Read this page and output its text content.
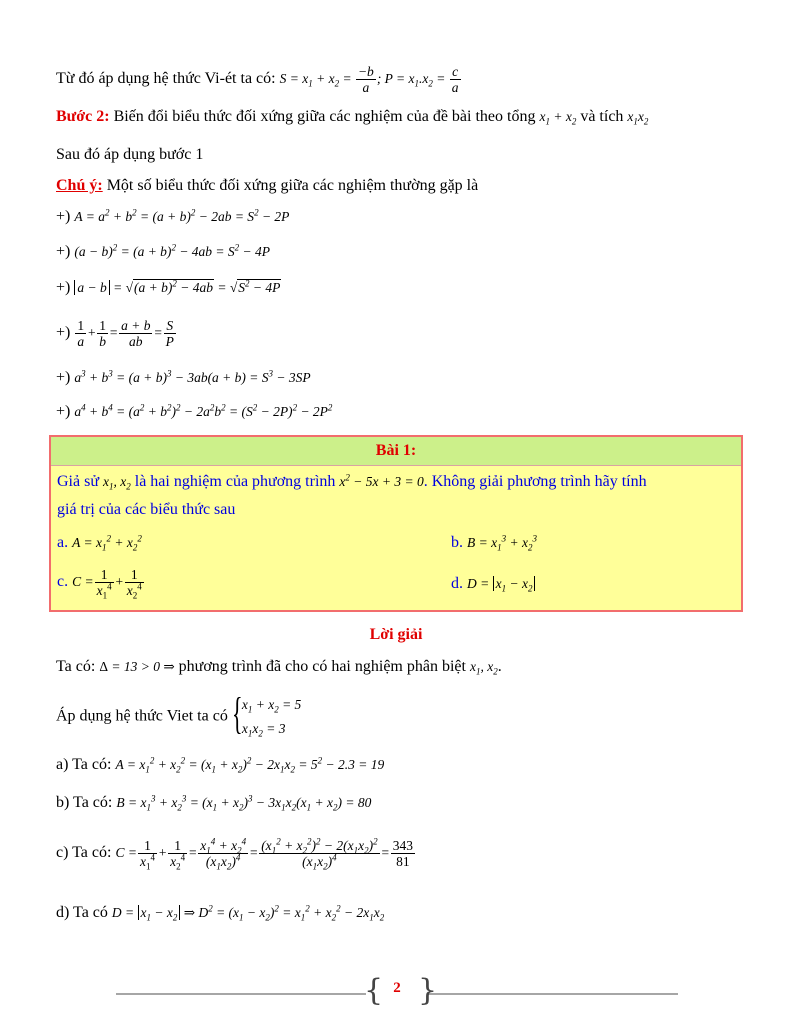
Từ đó áp dụng hệ thức Vi-ét ta có: $S = x_1 + x_2 = \frac{-b}{a}$ ; $P = x_1.x_2 = \frac{c}{a}$
Bước 2: Biến đổi biểu thức đối xứng giữa các nghiệm của đề bài theo tổng $x_1 + x_2$ và tích $x_1x_2$
Sau đó áp dụng bước 1
Chú ý: Một số biểu thức đối xứng giữa các nghiệm thường gặp là
+) $A = a^2 + b^2 = (a + b)^2 - 2ab = S^2 - 2P$
+) $(a - b)^2 = (a + b)^2 - 4ab = S^2 - 4P$
+) $a - b = √(a + b)^2 - 4ab = √S^2 - 4P$
+) $\frac{1}{a} + \frac{1}{b} = \frac{a + b}{ab} = \frac{S}{P}$
+) $a^3 + b^3 = (a + b)^3 - 3ab(a + b) = S^3 - 3SP$
+) $a^4 + b^4 = (a^2 + b^2)^2 - 2a^2b^2 = (S^2 - 2P)^2 - 2P^2$
Bài 1:
Giả sử $x_1$, $x_2$ là hai nghiệm của phương trình $x^2 - 5x + 3 = 0$. Không giải phương trình hãy tính
giá trị của các biểu thức sau
a. $A = x_1^2 + x_2^2$	b. $B = x_1^3 + x_2^3$
c. $C = \frac{1}{x_1^4} + \frac{1}{x_2^4}$	d. $D = x_1 - x_2$
Lời giải
Ta có: Δ = 13 > 0 ⇒ phương trình đã cho có hai nghiệm phân biệt $x_1$, $x_2$.
Áp dụng hệ thức Viet ta có { $x_1 + x_2 = 5$
$x_1x_2 = 3$
a) Ta có: $A = x_1^2 + x_2^2 = (x_1 + x_2)^2 - 2x_1x_2 = 5^2 - 2.3 = 19$
b) Ta có: $B = x_1^3 + x_2^3 = (x_1 + x_2)^3 - 3x_1x_2(x_1 + x_2) = 80$
c) Ta có: $C = \frac{1}{x_1^4} + \frac{1}{x_2^4} = \frac{x_1^4 + x_2^4}{(x_1x_2)^4} = \frac{(x_1^2 + x_2^2)^2 - 2(x_1x_2)^2}{(x_1x_2)^4} = \frac{343}{81}$
d) Ta có $D = x_1 - x_2$ ⇒ $D^2 = (x_1 - x_2)^2 = x_1^2 + x_2^2 - 2x_1x_2$
{ }
2
